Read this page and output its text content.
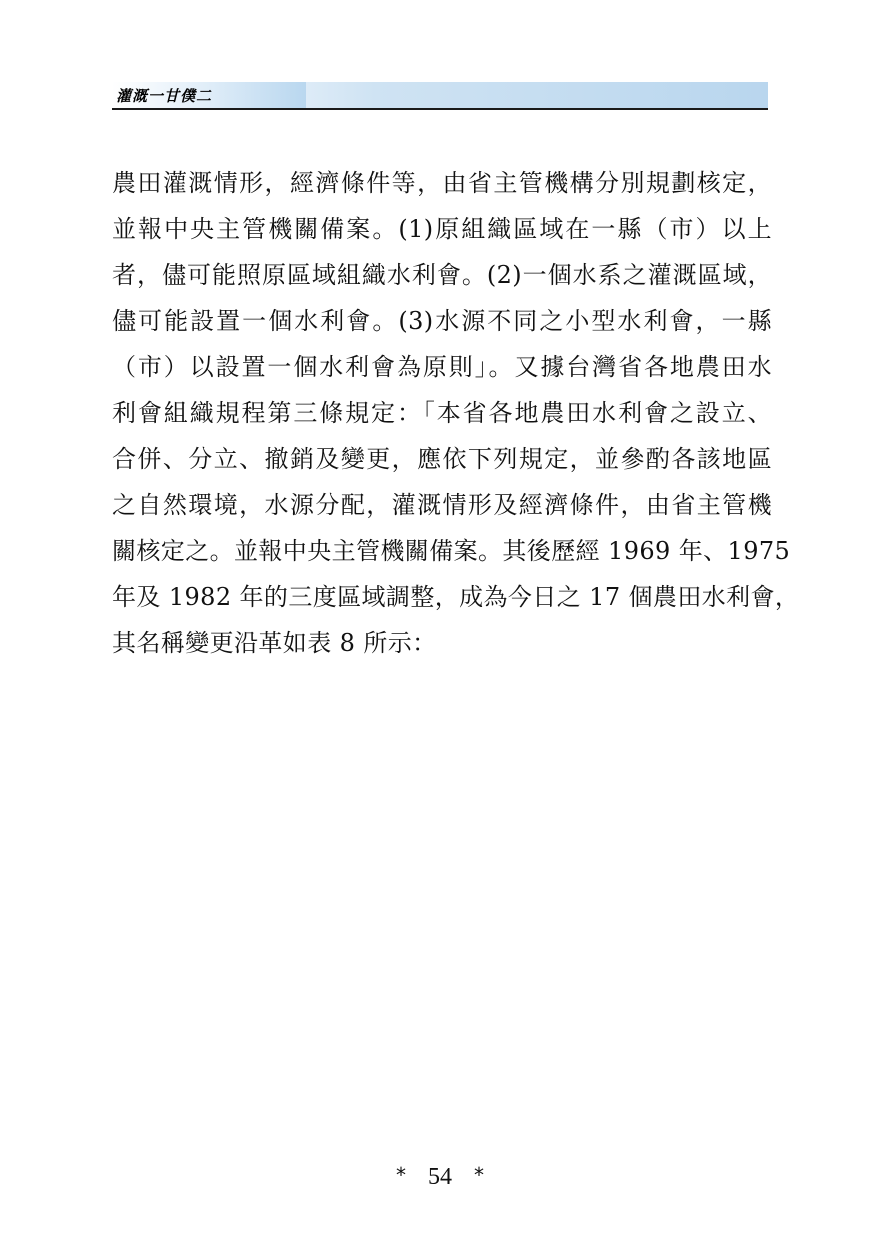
灌溉一甘僕二
農田灌溉情形，經濟條件等，由省主管機構分別規劃核定，
並報中央主管機關備案。(1)原組織區域在一縣（市）以上
者，儘可能照原區域組織水利會。(2)一個水系之灌溉區域，
儘可能設置一個水利會。(3)水源不同之小型水利會，一縣
（市）以設置一個水利會為原則」。又據台灣省各地農田水
利會組織規程第三條規定：「本省各地農田水利會之設立、
合併、分立、撤銷及變更，應依下列規定，並參酌各該地區
之自然環境，水源分配，灌溉情形及經濟條件，由省主管機
關核定之。並報中央主管機關備案。其後歷經 1969 年、1975
年及 1982 年的三度區域調整，成為今日之 17 個農田水利會，
其名稱變更沿革如表 8 所示：
* 54 *
